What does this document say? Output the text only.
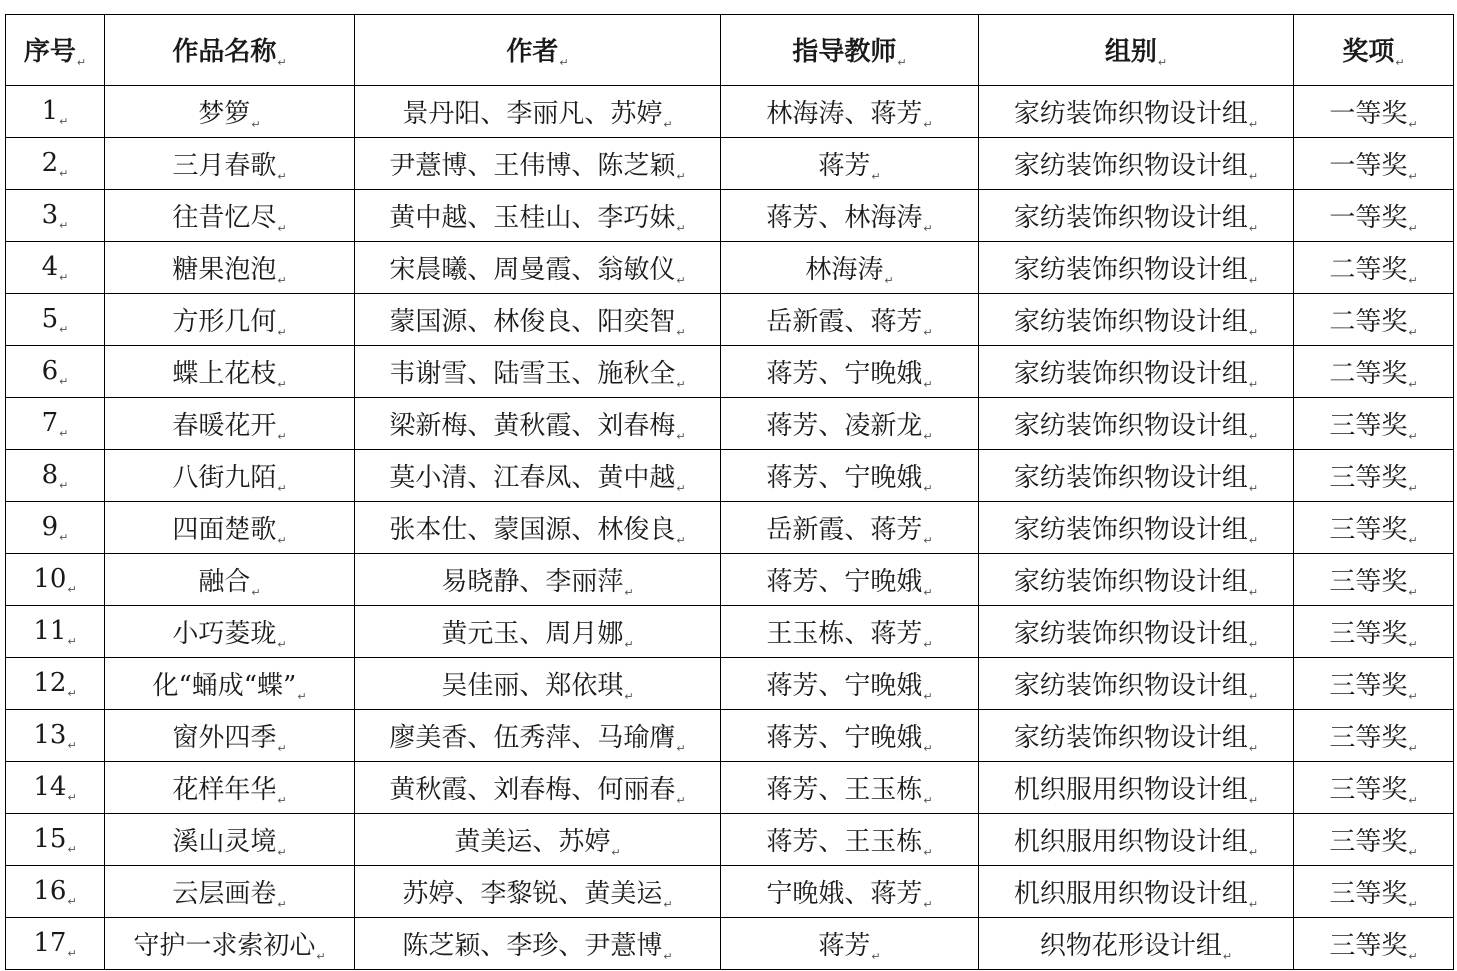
序号$_↵$	作品名称$_↵$	作者$_↵$	指导教师$_↵$	组别$_↵$	奖项$_↵$
$1_↵$	梦箩$_↵$	景丹阳、李丽凡、苏婷$_↵$	林海涛、蒋芳$_↵$	家纺装饰织物设计组$_↵$	一等奖$_↵$
$2_↵$	三月春歌$_↵$	尹薏博、王伟博、陈芝颖$_↵$	蒋芳$_↵$	家纺装饰织物设计组$_↵$	一等奖$_↵$
$3_↵$	往昔忆尽$_↵$	黄中越、玉桂山、李巧妹$_↵$	蒋芳、林海涛$_↵$	家纺装饰织物设计组$_↵$	一等奖$_↵$
$4_↵$	糖果泡泡$_↵$	宋晨曦、周曼霞、翁敏仪$_↵$	林海涛$_↵$	家纺装饰织物设计组$_↵$	二等奖$_↵$
$5_↵$	方形几何$_↵$	蒙国源、林俊良、阳奕智$_↵$	岳新霞、蒋芳$_↵$	家纺装饰织物设计组$_↵$	二等奖$_↵$
$6_↵$	蝶上花枝$_↵$	韦谢雪、陆雪玉、施秋全$_↵$	蒋芳、宁晚娥$_↵$	家纺装饰织物设计组$_↵$	二等奖$_↵$
$7_↵$	春暖花开$_↵$	梁新梅、黄秋霞、刘春梅$_↵$	蒋芳、凌新龙$_↵$	家纺装饰织物设计组$_↵$	三等奖$_↵$
$8_↵$	八街九陌$_↵$	莫小清、江春凤、黄中越$_↵$	蒋芳、宁晚娥$_↵$	家纺装饰织物设计组$_↵$	三等奖$_↵$
$9_↵$	四面楚歌$_↵$	张本仕、蒙国源、林俊良$_↵$	岳新霞、蒋芳$_↵$	家纺装饰织物设计组$_↵$	三等奖$_↵$
$10_↵$	融合$_↵$	易晓静、李丽萍$_↵$	蒋芳、宁晚娥$_↵$	家纺装饰织物设计组$_↵$	三等奖$_↵$
$11_↵$	小巧菱珑$_↵$	黄元玉、周月娜$_↵$	王玉栋、蒋芳$_↵$	家纺装饰织物设计组$_↵$	三等奖$_↵$
$12_↵$	化“蛹成“蝶$”_↵$	吴佳丽、郑依琪$_↵$	蒋芳、宁晚娥$_↵$	家纺装饰织物设计组$_↵$	三等奖$_↵$
$13_↵$	窗外四季$_↵$	廖美香、伍秀萍、马瑜膺$_↵$	蒋芳、宁晚娥$_↵$	家纺装饰织物设计组$_↵$	三等奖$_↵$
$14_↵$	花样年华$_↵$	黄秋霞、刘春梅、何丽春$_↵$	蒋芳、王玉栋$_↵$	机织服用织物设计组$_↵$	三等奖$_↵$
$15_↵$	溪山灵境$_↵$	黄美运、苏婷$_↵$	蒋芳、王玉栋$_↵$	机织服用织物设计组$_↵$	三等奖$_↵$
$16_↵$	云层画卷$_↵$	苏婷、李黎锐、黄美运$_↵$	宁晚娥、蒋芳$_↵$	机织服用织物设计组$_↵$	三等奖$_↵$
$17_↵$	守护一求索初心$_↵$	陈芝颖、李珍、尹薏博$_↵$	蒋芳$_↵$	织物花形设计组$_↵$	三等奖$_↵$
